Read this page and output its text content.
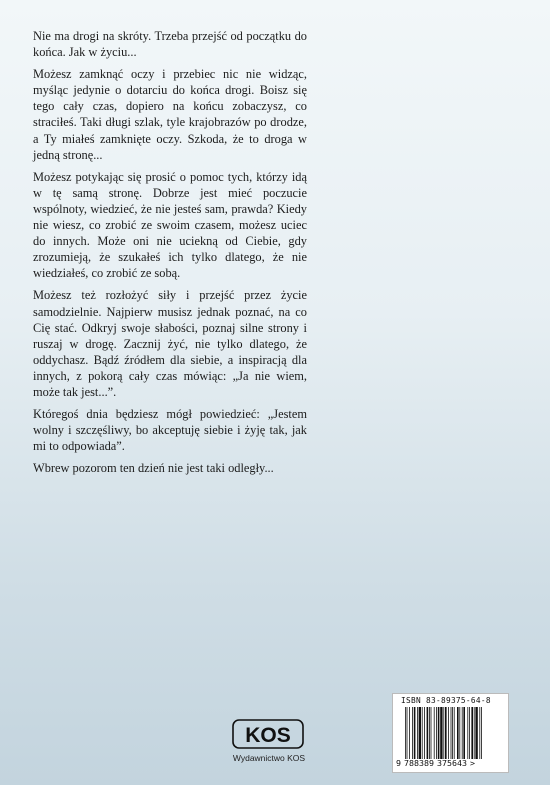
Nie ma drogi na skróty. Trzeba przejść od początku do końca. Jak w życiu...

Możesz zamknąć oczy i przebiec nic nie widząc, myśląc jedynie o dotarciu do końca drogi. Boisz się tego cały czas, dopiero na końcu zobaczysz, co straciłeś. Taki długi szlak, tyle krajobrazów po drodze, a Ty miałeś zamknięte oczy. Szkoda, że to droga w jedną stronę...

Możesz potykając się prosić o pomoc tych, którzy idą w tę samą stronę. Dobrze jest mieć poczucie wspólnoty, wiedzieć, że nie jesteś sam, prawda? Kiedy nie wiesz, co zrobić ze swoim czasem, możesz uciec do innych. Może oni nie uciekną od Ciebie, gdy zrozumieją, że szukałeś ich tylko dlatego, że nie wiedziałeś, co zrobić ze sobą.

Możesz też rozłożyć siły i przejść przez życie samodzielnie. Najpierw musisz jednak poznać, na co Cię stać. Odkryj swoje słabości, poznaj silne strony i ruszaj w drogę. Zacznij żyć, nie tylko dlatego, że oddychasz. Bądź źródłem dla siebie, a inspiracją dla innych, z pokorą cały czas mówiąc: „Ja nie wiem, może tak jest...”.

Któregoś dnia będziesz mógł powiedzieć: „Jestem wolny i szczęśliwy, bo akceptuję siebie i żyję tak, jak mi to odpowiada”.

Wbrew pozorom ten dzień nie jest taki odległy...

KOS
Wydawnictwo KOS
ISBN 83-89375-64-8
9 788389 375643 >
